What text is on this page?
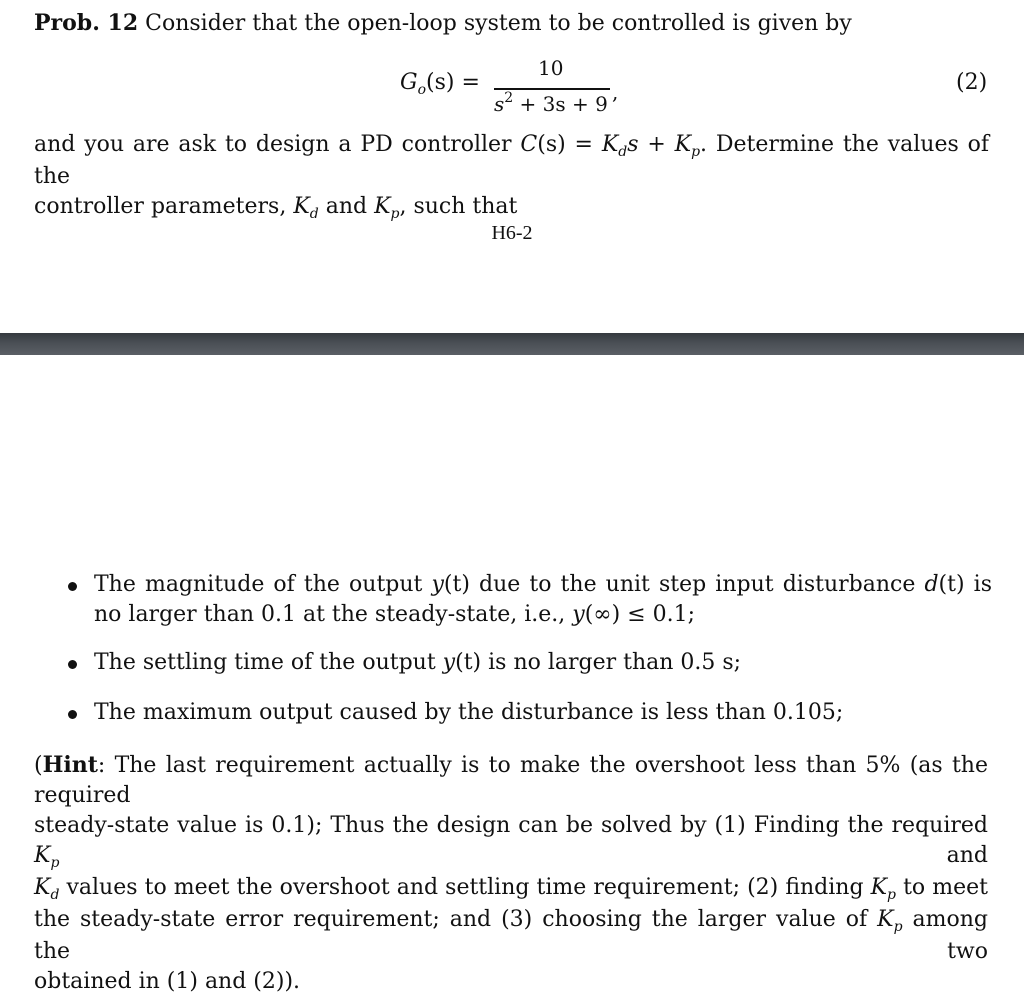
Prob. 12 Consider that the open-loop system to be controlled is given by
$G_o(s)$ =
10
$s^2 + 3s + 9$ ,	(2)
and you are ask to design a PD controller $C(s) = K_ds + K_p$. Determine the values of the
controller parameters, $K_d$ and $K_p$, such that
H6-2
The magnitude of the output y(t) due to the unit step input disturbance d(t) is no larger than 0.1 at the steady-state, i.e., y(∞) ≤ 0.1;
The settling time of the output y(t) is no larger than 0.5 s;
The maximum output caused by the disturbance is less than 0.105;
(Hint: The last requirement actually is to make the overshoot less than 5% (as the required
steady-state value is 0.1); Thus the design can be solved by (1) Finding the required $K_p$ and
$K_d$ values to meet the overshoot and settling time requirement; (2) finding $K_p$ to meet
the steady-state error requirement; and (3) choosing the larger value of $K_p$ among the two
obtained in (1) and (2)).
